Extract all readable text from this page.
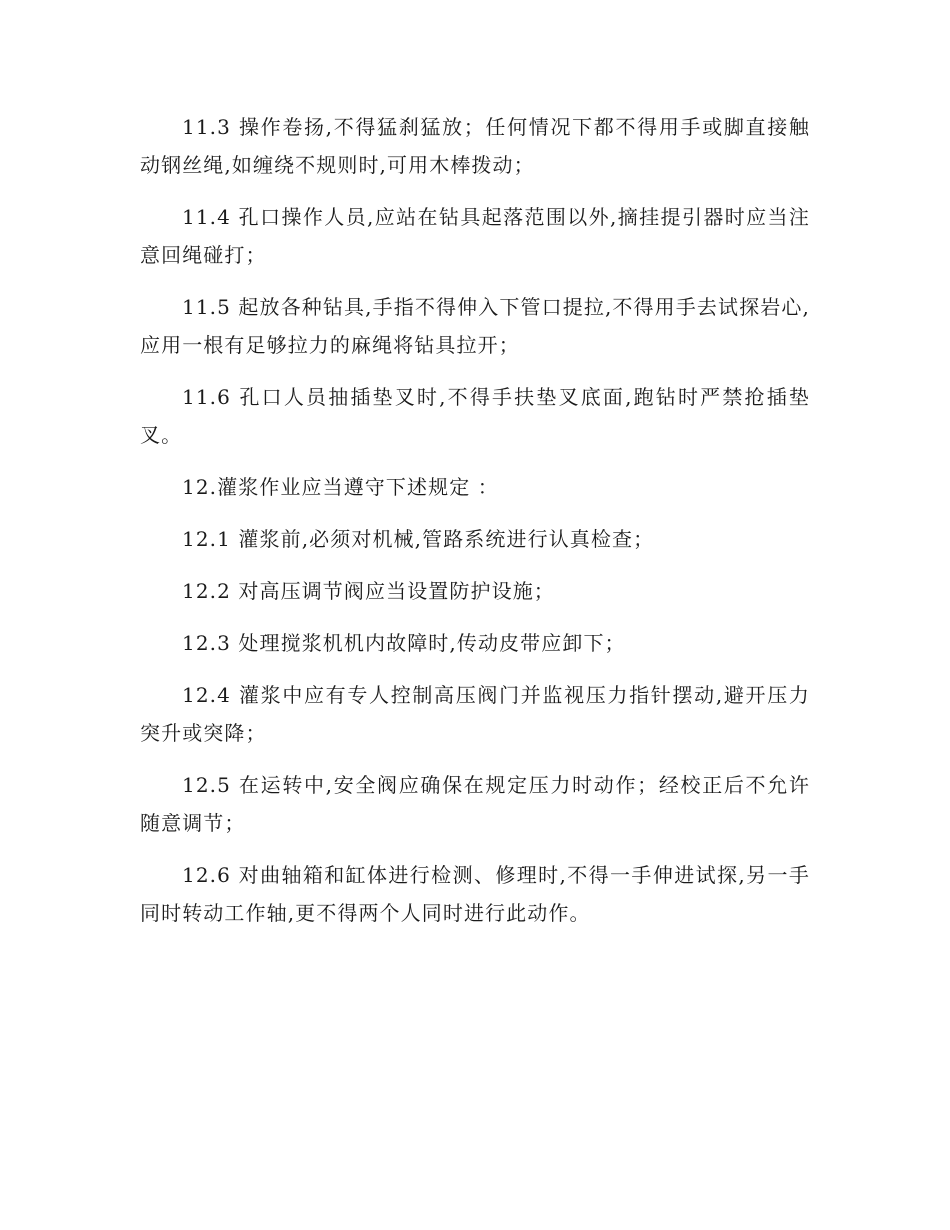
11.3 操作卷扬,不得猛刹猛放；任何情况下都不得用手或脚直接触动钢丝绳,如缠绕不规则时,可用木棒拨动；

11.4 孔口操作人员,应站在钻具起落范围以外,摘挂提引器时应当注意回绳碰打；

11.5 起放各种钻具,手指不得伸入下管口提拉,不得用手去试探岩心,应用一根有足够拉力的麻绳将钻具拉开；

11.6 孔口人员抽插垫叉时,不得手扶垫叉底面,跑钻时严禁抢插垫叉。

12.灌浆作业应当遵守下述规定 ：

12.1 灌浆前,必须对机械,管路系统进行认真检查；

12.2 对高压调节阀应当设置防护设施；

12.3 处理搅浆机机内故障时,传动皮带应卸下；

12.4 灌浆中应有专人控制高压阀门并监视压力指针摆动,避开压力突升或突降；

12.5 在运转中,安全阀应确保在规定压力时动作；经校正后不允许随意调节；

12.6 对曲轴箱和缸体进行检测、修理时,不得一手伸进试探,另一手同时转动工作轴,更不得两个人同时进行此动作。
